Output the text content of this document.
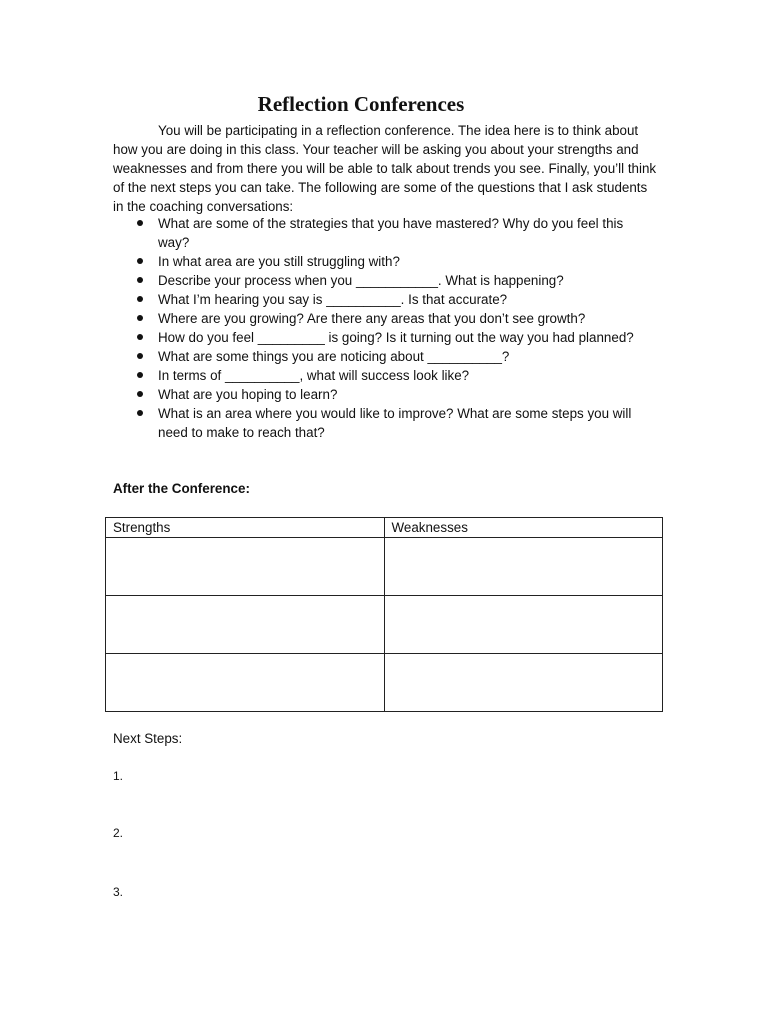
Reflection Conferences

You will be participating in a reflection conference. The idea here is to think about how you are doing in this class. Your teacher will be asking you about your strengths and weaknesses and from there you will be able to talk about trends you see. Finally, you’ll think of the next steps you can take. The following are some of the questions that I ask students in the coaching conversations:

What are some of the strategies that you have mastered? Why do you feel this way?
In what area are you still struggling with?
Describe your process when you ___________. What is happening?
What I’m hearing you say is __________. Is that accurate?
Where are you growing? Are there any areas that you don’t see growth?
How do you feel _________ is going? Is it turning out the way you had planned?
What are some things you are noticing about __________?
In terms of __________, what will success look like?
What are you hoping to learn?
What is an area where you would like to improve? What are some steps you will need to make to reach that?
After the Conference:
Strengths	Weaknesses

Next Steps:
1.
2.
3.
